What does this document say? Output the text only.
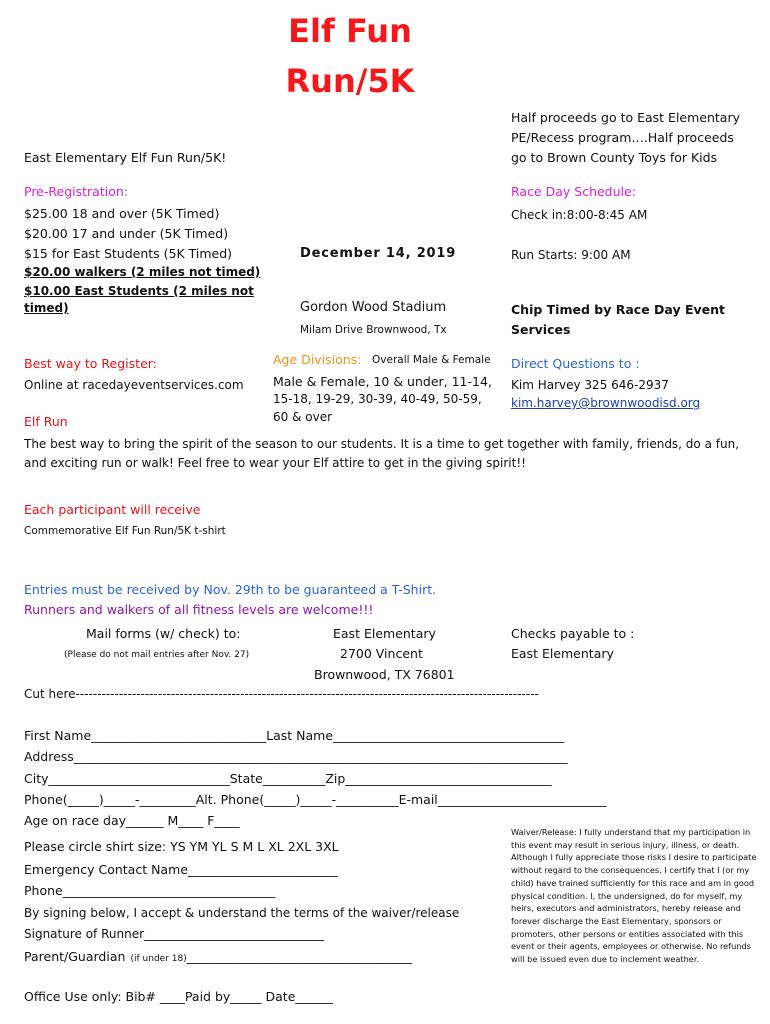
Elf Fun
Run/5K
East Elementary Elf Fun Run/5K!
Half proceeds go to East Elementary
PE/Recess program….Half proceeds
go to Brown County Toys for Kids
Pre-Registration:
$25.00 18 and over (5K Timed)
$20.00 17 and under (5K Timed)
$15 for East Students (5K Timed)
$20.00 walkers (2 miles not timed)
$10.00 East Students (2 miles not
timed)
December 14, 2019
Gordon Wood Stadium
Milam Drive Brownwood, Tx
Race Day Schedule:
Check in:8:00-8:45 AM
Run Starts: 9:00 AM
Chip Timed by Race Day Event
Services
Best way to Register:
Online at racedayeventservices.com
Age Divisions: Overall Male & Female
Male & Female, 10 & under, 11-14,
15-18, 19-29, 30-39, 40-49, 50-59,
60 & over
Direct Questions to :
Kim Harvey 325 646-2937
kim.harvey@brownwoodisd.org
Elf Run
The best way to bring the spirit of the season to our students. It is a time to get together with family, friends, do a fun,
and exciting run or walk! Feel free to wear your Elf attire to get in the giving spirit!!
Each participant will receive
Commemorative Elf Fun Run/5K t-shirt
Entries must be received by Nov. 29th to be guaranteed a T-Shirt.
Runners and walkers of all fitness levels are welcome!!!
Mail forms (w/ check) to:
(Please do not mail entries after Nov. 27)
East Elementary
2700 Vincent
Brownwood, TX 76801
Checks payable to :
East Elementary
Cut here-----------------------------------------------------------------------------------------------------------
First Name____________________________Last Name_____________________________________
Address_______________________________________________________________________________
City_____________________________State__________Zip_________________________________
Phone(_____)_____-_________Alt. Phone(_____)_____-__________E-mail___________________________
Age on race day______ M____ F____
Please circle shirt size: YS YM YL S M L XL 2XL 3XL
Emergency Contact Name________________________
Phone__________________________________
By signing below, I accept & understand the terms of the waiver/release
Signature of Runner______________________________
Parent/Guardian (if under 18)____________________________________
Office Use only: Bib# ____Paid by_____ Date______
Waiver/Release: I fully understand that my participation in this event may result in serious injury, illness, or death. Although I fully appreciate those risks I desire to participate without regard to the consequences. I certify that I (or my child) have trained sufficiently for this race and am in good physical condition. I, the undersigned, do for myself, my heirs, executors and administrators, hereby release and forever discharge the East Elementary, sponsors or promoters, other persons or entities associated with this event or their agents, employees or otherwise. No refunds will be issued even due to inclement weather.
